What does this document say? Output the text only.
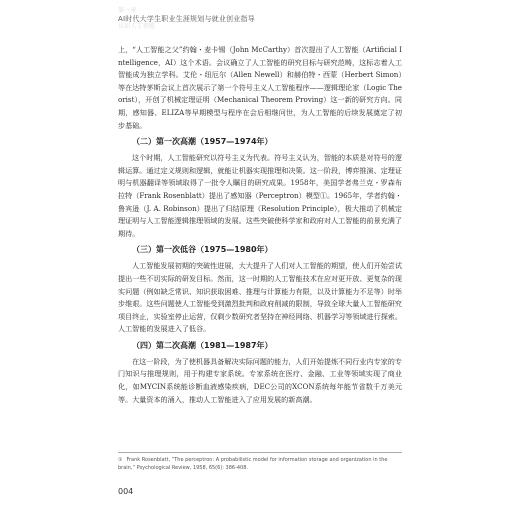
第一章
AI时代大学生职业生涯规划与就业创业指导
认识人工智能

上，“人工智能之父”约翰・麦卡锡（John McCarthy）首次提出了人工智能（Artificial Intelligence，AI）这个术语。会议确立了人工智能的研究目标与研究范畴，这标志着人工智能成为独立学科。艾伦・纽厄尔（Allen Newell）和赫伯特・西蒙（Herbert Simon）等在达特茅斯会议上首次展示了第一个符号主义人工智能程序——逻辑理论家（Logic Theorist），开创了机械定理证明（Mechanical Theorem Proving）这一新的研究方向。同期，感知器、ELIZA等早期模型与程序在会后相继问世，为人工智能的后续发展奠定了初步基础。

（二）第一次高潮（1957—1974年）

这个时期，人工智能研究以符号主义为代表。符号主义认为，智能的本质是对符号的逻辑运算。通过定义规则和逻辑，就能让机器实现推理和决策。这一阶段，博弈推演、定理证明与机器翻译等领域取得了一批令人瞩目的研究成果。1958年，美国学者弗兰克・罗森布拉特（Frank Rosenblatt）提出了感知器（Perceptron）模型①。1965年，学者约翰・鲁宾逊（J. A. Robinson）提出了归结原理（Resolution Principle），极大推动了机械定理证明与人工智能逻辑推理领域的发展。这些突破使科学家和政府对人工智能的前景充满了期待。

（三）第一次低谷（1975—1980年）

人工智能发展初期的突破性进展，大大提升了人们对人工智能的期望，使人们开始尝试提出一些不切实际的研发目标。然而，这一时期的人工智能技术在应对更开放、更复杂的现实问题（例如缺乏常识、知识获取困难、推理与计算能力有限，以及计算能力不足等）时举步维艰。这些问题使人工智能受到激烈批判和政府削减的限制，导致全球大量人工智能研究项目终止，实验室停止运营，仅剩少数研究者坚持在神经网络、机器学习等领域进行探索。人工智能的发展进入了低谷。

（四）第二次高潮（1981—1987年）

在这一阶段，为了使机器具备解决实际问题的能力，人们开始提炼不同行业内专家的专门知识与推理规则，用于构建专家系统。专家系统在医疗、金融、工业等领域实现了商业化，如MYCIN系统能诊断血液感染疾病，DEC公司的XCON系统每年能节省数千万美元等。大量资本的涌入，推动人工智能进入了应用发展的新高潮。

① Frank Rosenblatt, “The perceptron: A probabilistic model for information storage and organization in the brain,” Psychological Review, 1958, 65(6): 386-408.
004
